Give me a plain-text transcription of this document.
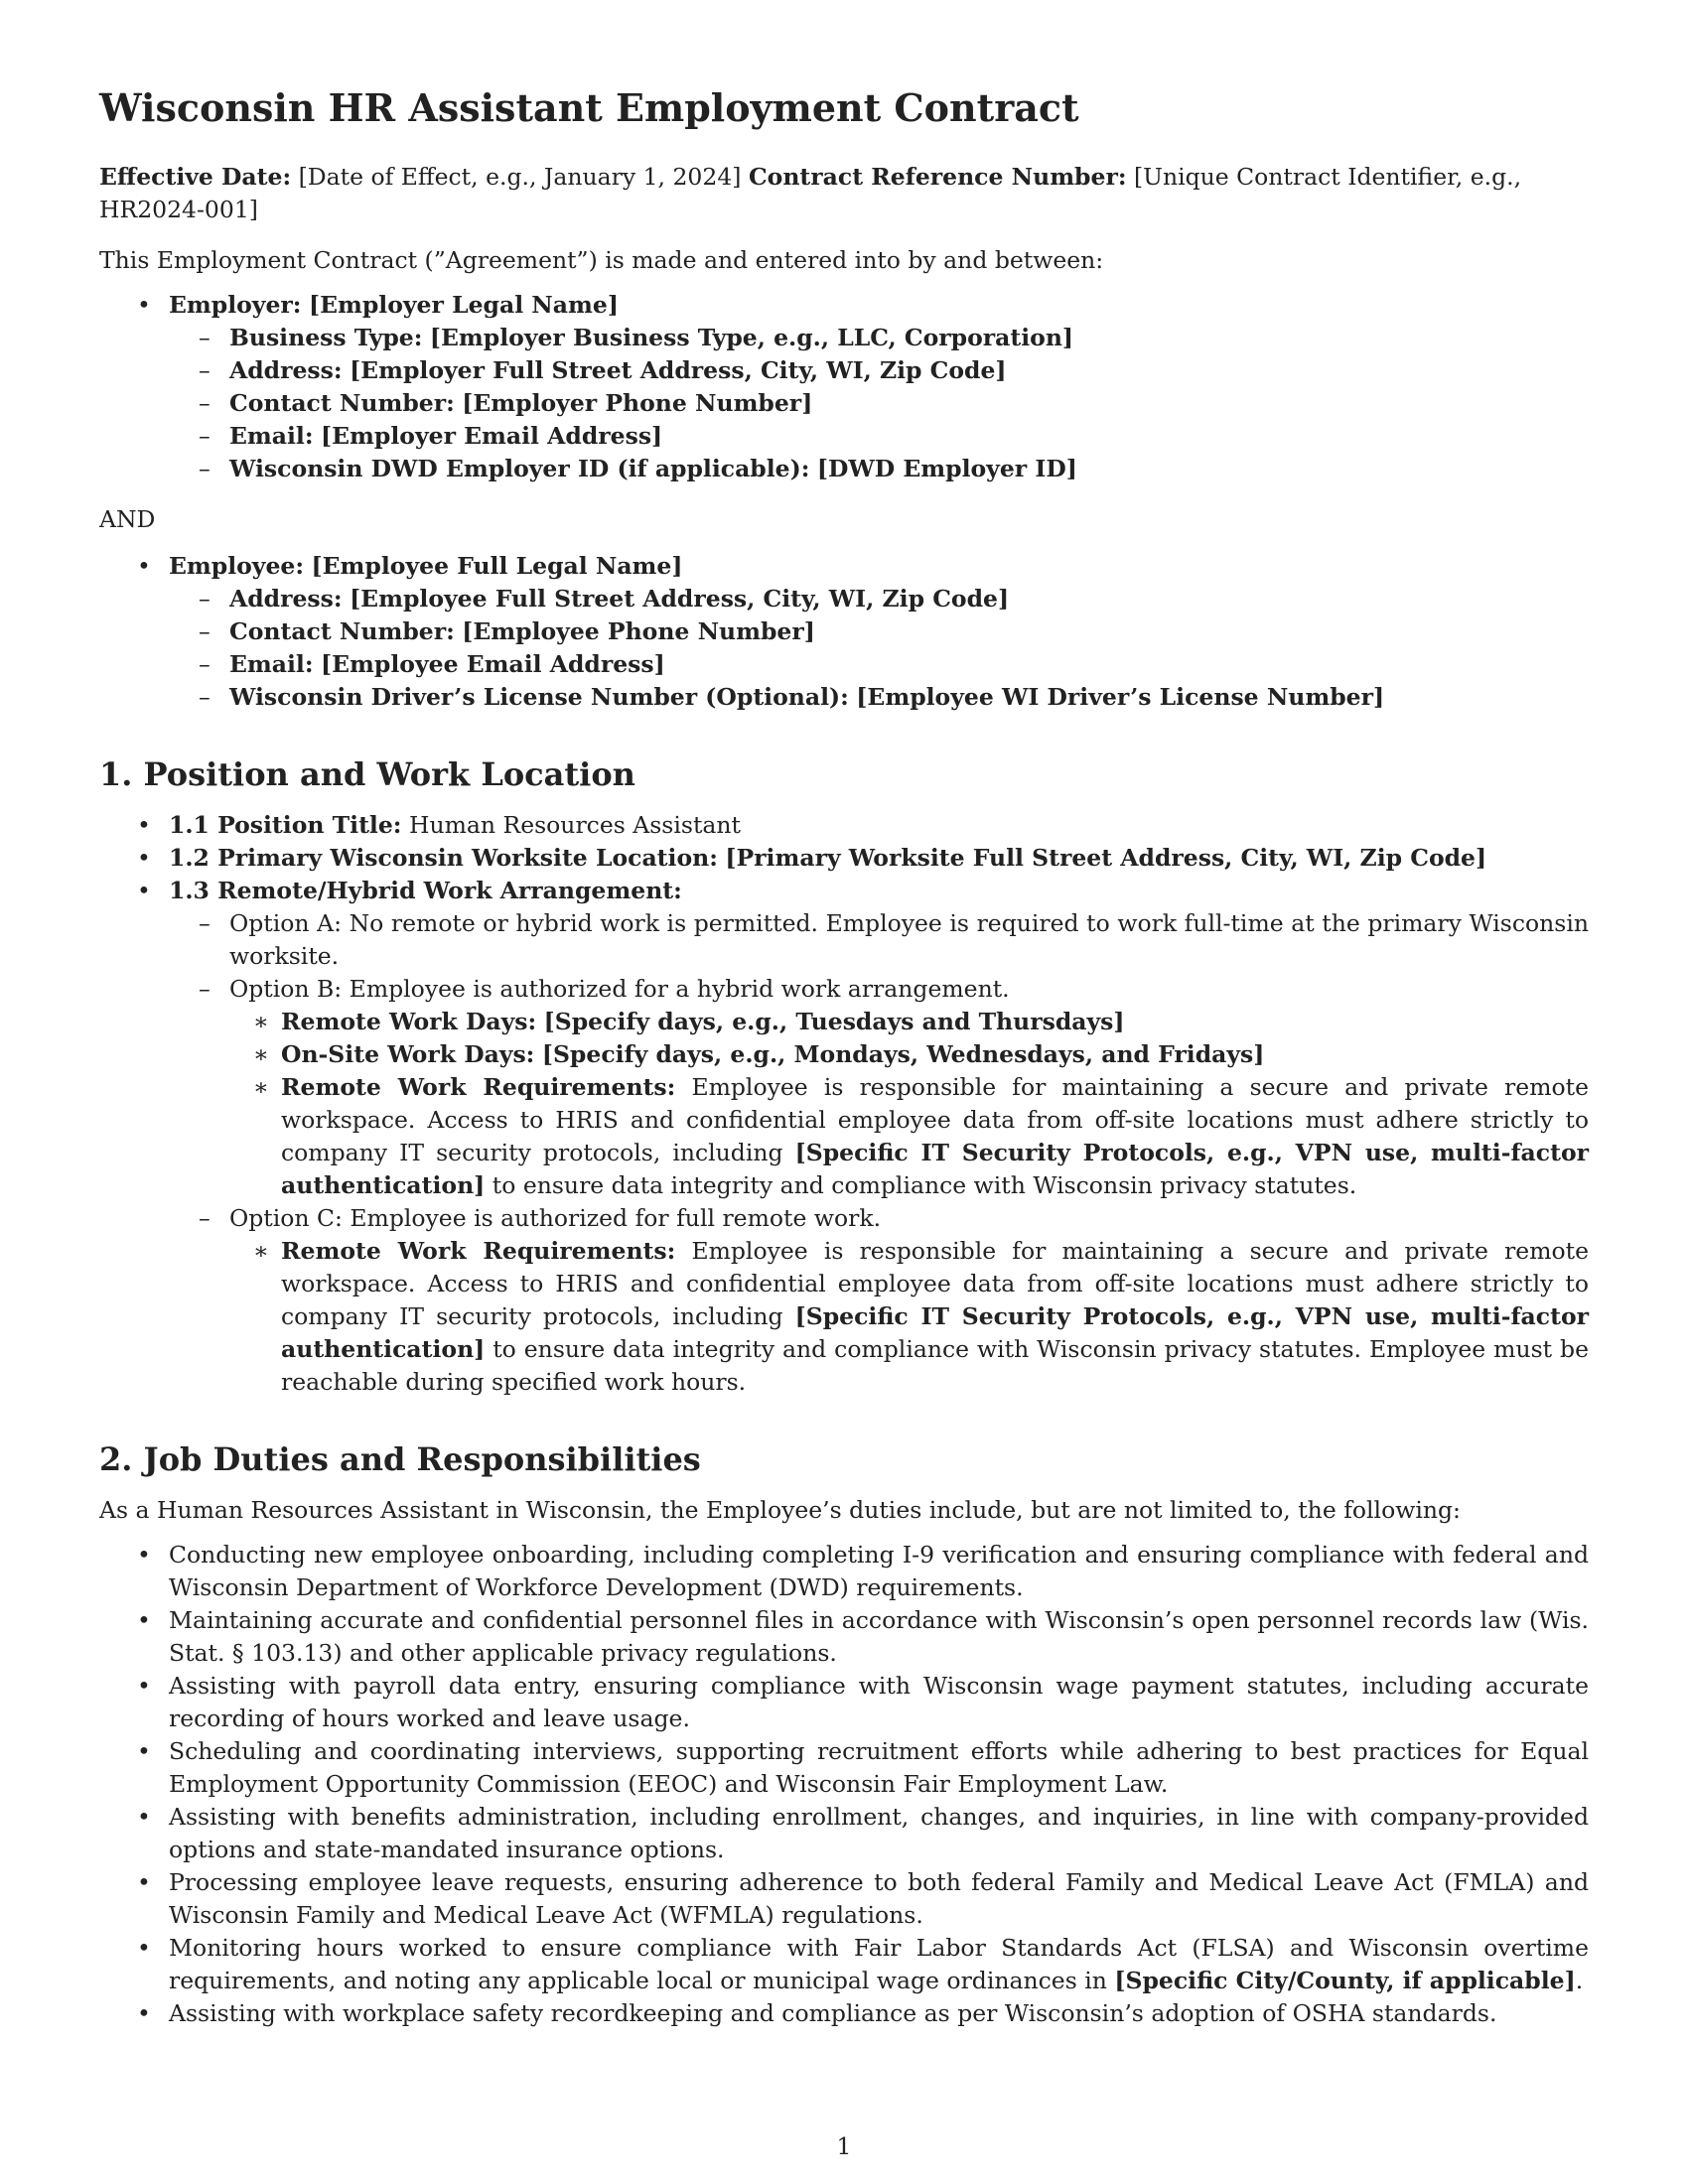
Wisconsin HR Assistant Employment Contract

Effective Date: [Date of Effect, e.g., January 1, 2024] Contract Reference Number: [Unique Contract Identifier, e.g., HR2024-001]

This Employment Contract (”Agreement”) is made and entered into by and between:

• Employer: [Employer Legal Name]
– Business Type: [Employer Business Type, e.g., LLC, Corporation]
– Address: [Employer Full Street Address, City, WI, Zip Code]
– Contact Number: [Employer Phone Number]
– Email: [Employer Email Address]
– Wisconsin DWD Employer ID (if applicable): [DWD Employer ID]

AND

• Employee: [Employee Full Legal Name]
– Address: [Employee Full Street Address, City, WI, Zip Code]
– Contact Number: [Employee Phone Number]
– Email: [Employee Email Address]
– Wisconsin Driver’s License Number (Optional): [Employee WI Driver’s License Number]
1. Position and Work Location
• 1.1 Position Title: Human Resources Assistant
• 1.2 Primary Wisconsin Worksite Location: [Primary Worksite Full Street Address, City, WI, Zip Code]
• 1.3 Remote/Hybrid Work Arrangement:
– Option A: No remote or hybrid work is permitted. Employee is required to work full-time at the primary Wisconsin worksite.
– Option B: Employee is authorized for a hybrid work arrangement.
∗ Remote Work Days: [Specify days, e.g., Tuesdays and Thursdays]
∗ On-Site Work Days: [Specify days, e.g., Mondays, Wednesdays, and Fridays]
∗ Remote Work Requirements: Employee is responsible for maintaining a secure and private remote workspace. Access to HRIS and confidential employee data from off-site locations must adhere strictly to company IT security protocols, including [Specific IT Security Protocols, e.g., VPN use, multi-factor authentication] to ensure data integrity and compliance with Wisconsin privacy statutes.
– Option C: Employee is authorized for full remote work.
∗ Remote Work Requirements: Employee is responsible for maintaining a secure and private remote workspace. Access to HRIS and confidential employee data from off-site locations must adhere strictly to company IT security protocols, including [Specific IT Security Protocols, e.g., VPN use, multi-factor authentication] to ensure data integrity and compliance with Wisconsin privacy statutes. Employee must be reachable during specified work hours.
2. Job Duties and Responsibilities

As a Human Resources Assistant in Wisconsin, the Employee’s duties include, but are not limited to, the following:

• Conducting new employee onboarding, including completing I-9 verification and ensuring compliance with federal and Wisconsin Department of Workforce Development (DWD) requirements.
• Maintaining accurate and confidential personnel files in accordance with Wisconsin’s open personnel records law (Wis. Stat. § 103.13) and other applicable privacy regulations.
• Assisting with payroll data entry, ensuring compliance with Wisconsin wage payment statutes, including accurate recording of hours worked and leave usage.
• Scheduling and coordinating interviews, supporting recruitment efforts while adhering to best practices for Equal Employment Opportunity Commission (EEOC) and Wisconsin Fair Employment Law.
• Assisting with benefits administration, including enrollment, changes, and inquiries, in line with company-provided options and state-mandated insurance options.
• Processing employee leave requests, ensuring adherence to both federal Family and Medical Leave Act (FMLA) and Wisconsin Family and Medical Leave Act (WFMLA) regulations.
• Monitoring hours worked to ensure compliance with Fair Labor Standards Act (FLSA) and Wisconsin overtime requirements, and noting any applicable local or municipal wage ordinances in [Specific City/County, if applicable].
• Assisting with workplace safety recordkeeping and compliance as per Wisconsin’s adoption of OSHA standards.
1
